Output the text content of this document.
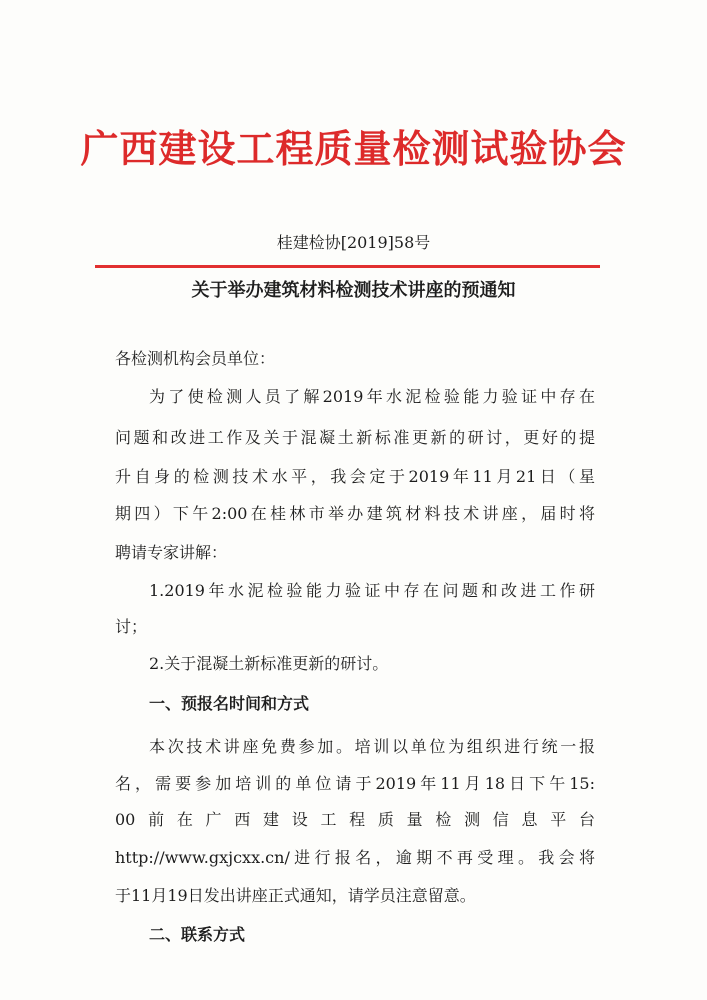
广西建设工程质量检测试验协会
桂建检协[2019]58号
关于举办建筑材料检测技术讲座的预通知
各检测机构会员单位：
为了使检测人员了解2019年水泥检验能力验证中存在
问题和改进工作及关于混凝土新标准更新的研讨，更好的提
升自身的检测技术水平，我会定于2019年11月21日（星
期四）下午2:00在桂林市举办建筑材料技术讲座，届时将
聘请专家讲解：
1.2019年水泥检验能力验证中存在问题和改进工作研
讨；
2.关于混凝土新标准更新的研讨。
一、预报名时间和方式
本次技术讲座免费参加。培训以单位为组织进行统一报
名，需要参加培训的单位请于2019年11月18日下午15:
00前在广西建设工程质量检测信息平台
http://www.gxjcxx.cn/进行报名，逾期不再受理。我会将
于11月19日发出讲座正式通知，请学员注意留意。
二、联系方式
